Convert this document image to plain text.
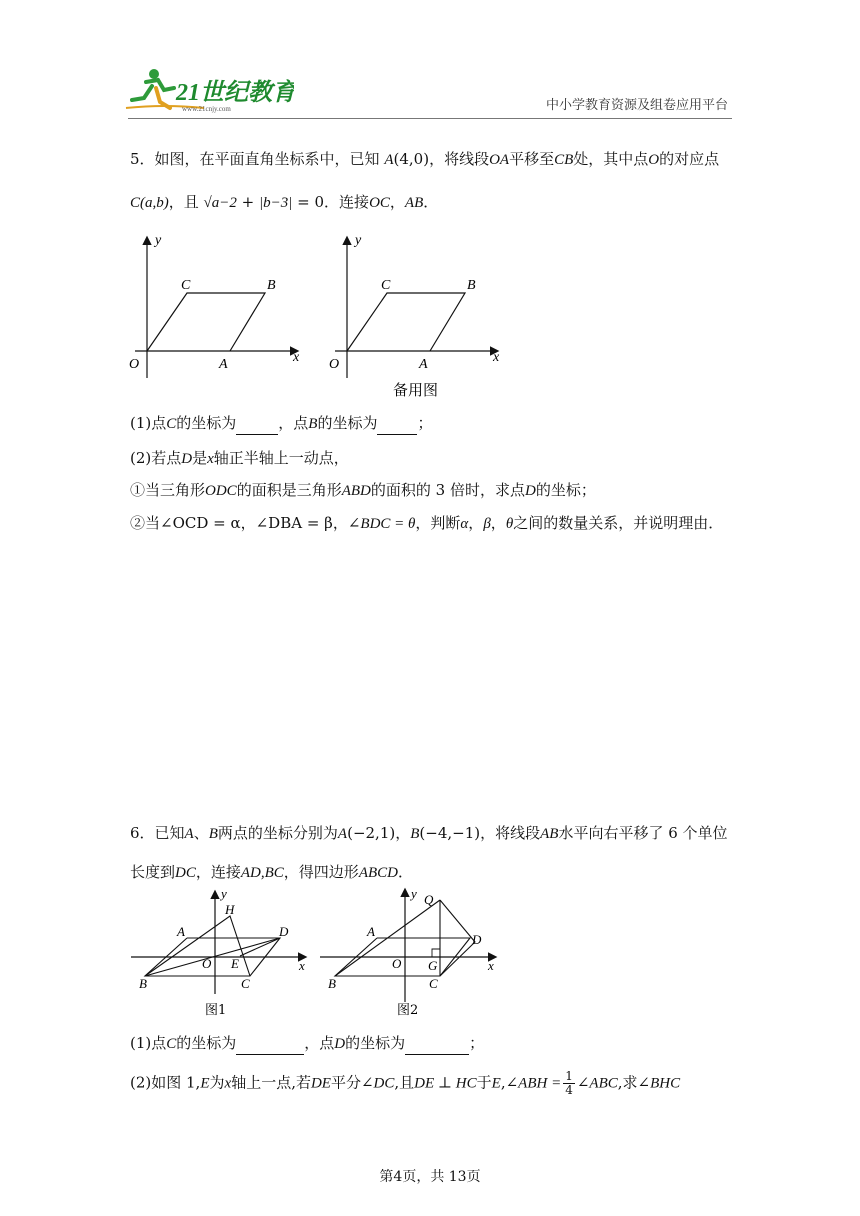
21世纪教育
www.21cnjy.com	中小学教育资源及组卷应用平台
5．如图，在平面直角坐标系中，已知 A(4,0)，将线段OA平移至CB处，其中点O的对应点
C(a,b)，且 √a−2 + |b−3| = 0．连接OC，AB．
y
x
O	A
C	B
y
x
O	A
C	B
备用图
(1)点C的坐标为	，点B的坐标为	；
(2)若点D是x轴正半轴上一动点，
①当三角形ODC的面积是三角形ABD的面积的 3 倍时，求点D的坐标；
②当∠OCD = α，∠DBA = β，∠BDC = θ，判断α，β，θ之间的数量关系，并说明理由．
6．已知A、B两点的坐标分别为A(−2,1)，B(−4,−1)，将线段AB水平向右平移了 6 个单位
长度到DC，连接AD,BC，得四边形ABCD．
y
H
A	D
O E	x
B	C
图1
y Q
A
D
O G	x
B	C
图2
(1)点C的坐标为	，点D的坐标为	；
(2)如图 1,E为x轴上一点,若DE平分∠DC,且DE ⊥ HC于E,∠ABH = $\frac{1}{4}$ ∠ABC,求∠BHC
第4页，共 13页
